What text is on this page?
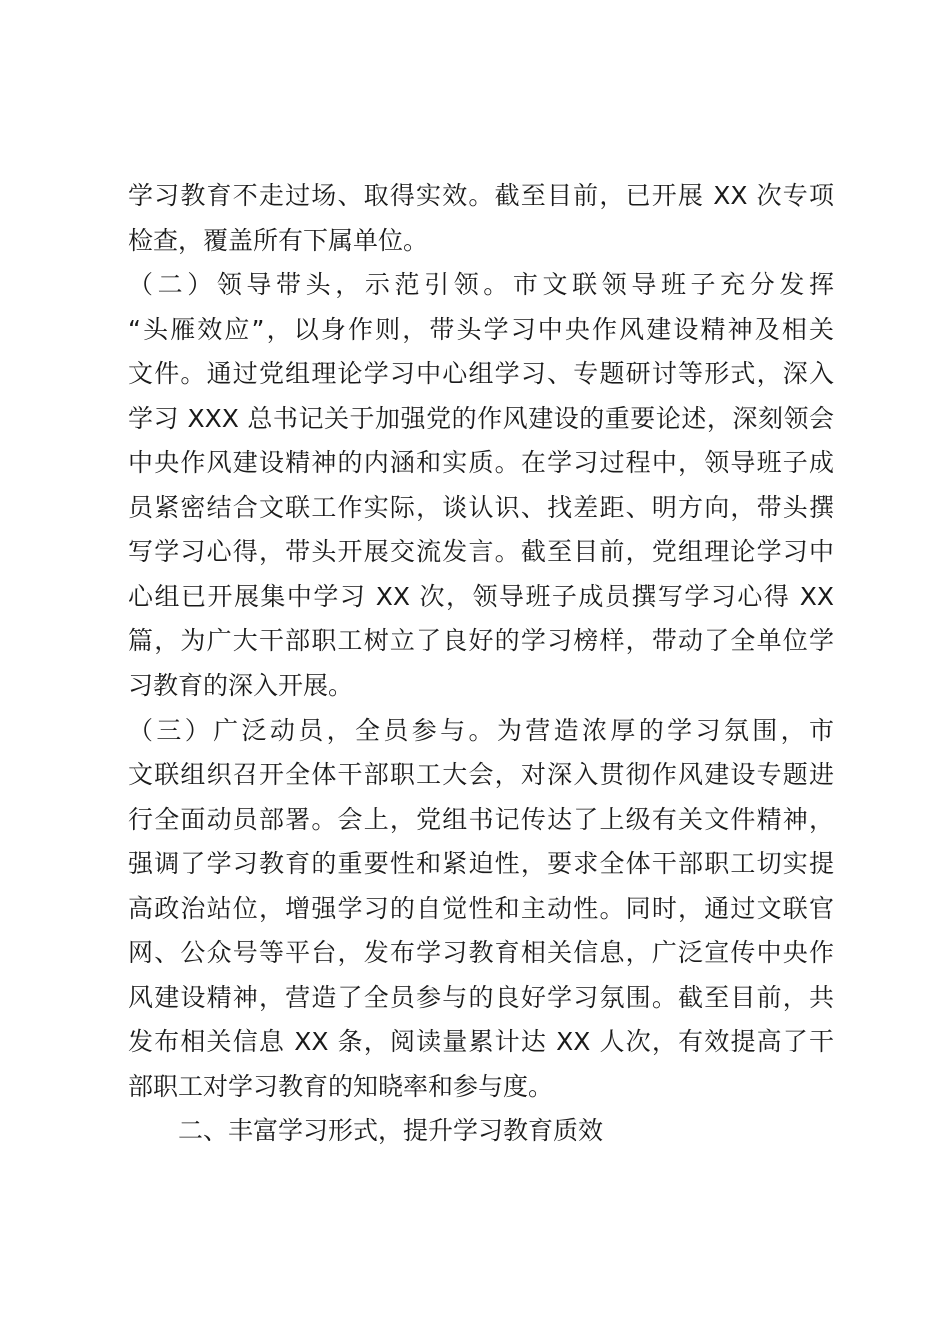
学习教育不走过场、取得实效。截至目前，已开展 XX 次专项
检查，覆盖所有下属单位。
（二）领导带头，示范引领。市文联领导班子充分发挥
“头雁效应”，以身作则，带头学习中央作风建设精神及相关
文件。通过党组理论学习中心组学习、专题研讨等形式，深入
学习 XXX 总书记关于加强党的作风建设的重要论述，深刻领会
中央作风建设精神的内涵和实质。在学习过程中，领导班子成
员紧密结合文联工作实际，谈认识、找差距、明方向，带头撰
写学习心得，带头开展交流发言。截至目前，党组理论学习中
心组已开展集中学习 XX 次，领导班子成员撰写学习心得 XX
篇，为广大干部职工树立了良好的学习榜样，带动了全单位学
习教育的深入开展。
（三）广泛动员，全员参与。为营造浓厚的学习氛围，市
文联组织召开全体干部职工大会，对深入贯彻作风建设专题进
行全面动员部署。会上，党组书记传达了上级有关文件精神，
强调了学习教育的重要性和紧迫性，要求全体干部职工切实提
高政治站位，增强学习的自觉性和主动性。同时，通过文联官
网、公众号等平台，发布学习教育相关信息，广泛宣传中央作
风建设精神，营造了全员参与的良好学习氛围。截至目前，共
发布相关信息 XX 条，阅读量累计达 XX 人次，有效提高了干
部职工对学习教育的知晓率和参与度。
二、丰富学习形式，提升学习教育质效
